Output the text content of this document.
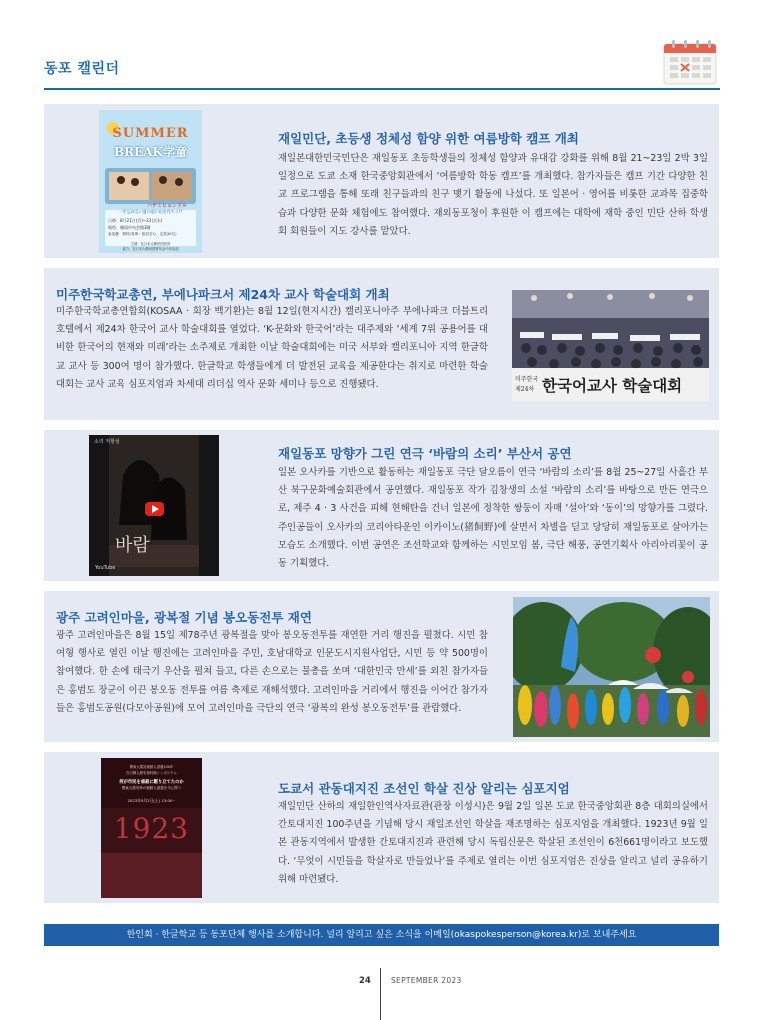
동포 캘린더
SUMMER
BREAK学童
ハナミヒョンドル
一生忘れない夏の思い出を作ろう!!
日時：8月21日(月)~23日(水)
場所：韓国中央会館3階
参加費：無料(食事・宿泊含む、定員30名)
主催：在日本大韓民国民団
協力：在日本大韓民国青年会中央本部
재일민단, 초등생 정체성 함양 위한 여름방학 캠프 개최
재일본대한민국민단은 재일동포 초등학생들의 정체성 함양과 유대감 강화를 위해 8월 21~23일 2박 3일 일정으로 도쿄 소재 한국중앙회관에서 ‘여름방학 학동 캠프’를 개최했다. 참가자들은 캠프 기간 다양한 친교 프로그램을 통해 또래 친구들과의 친구 맺기 활동에 나섰다. 또 일본어 · 영어를 비롯한 교과목 집중학습과 다양한 문화 체험에도 참여했다. 재외동포청이 후원한 이 캠프에는 대학에 재학 중인 민단 산하 학생회 회원들이 지도 강사를 맡았다.
미주한국학교총연, 부에나파크서 제24차 교사 학술대회 개최
미주한국학교총연합회(KOSAA · 회장 백기환)는 8월 12일(현지시간) 캘리포니아주 부에나파크 더블트리 호텔에서 제24차 한국어 교사 학술대회를 열었다. ‘K-문화와 한국어’라는 대주제와 ‘세계 7위 공용어를 대비한 한국어의 현재와 미래’라는 소주제로 개최한 이날 학술대회에는 미국 서부와 캘리포니아 지역 한글학교 교사 등 300여 명이 참가했다. 한글학교 학생들에게 더 발전된 교육을 제공한다는 취지로 마련한 학술대회는 교사 교육 심포지엄과 차세대 리더십 역사 문화 세미나 등으로 진행됐다.	미주한국
제24차 한국어교사 학술대회
소리 저항섬
바람
YouTube
재일동포 망향가 그린 연극 ‘바람의 소리’ 부산서 공연
일본 오사카를 기반으로 활동하는 재일동포 극단 달오름이 연극 ‘바람의 소리’를 8월 25~27일 사흘간 부산 북구문화예술회관에서 공연했다. 재일동포 작가 김창생의 소설 ‘바람의 소리’를 바탕으로 만든 연극으로, 제주 4 · 3 사건을 피해 현해탄을 건너 일본에 정착한 쌍둥이 자매 ‘설아’와 ‘동이’의 망향가를 그렸다. 주인공들이 오사카의 코리아타운인 이카이노(猪飼野)에 살면서 차별을 딛고 당당히 재일동포로 살아가는 모습도 소개했다. 이번 공연은 조선학교와 함께하는 시민모임 봄, 극단 해풍, 공연기획사 아리아리꽃이 공동 기획했다.
광주 고려인마을, 광복절 기념 봉오동전투 재연
광주 고려인마을은 8월 15일 제78주년 광복절을 맞아 봉오동전투를 재연한 거리 행진을 펼쳤다. 시민 참여형 행사로 열린 이날 행진에는 고려인마을 주민, 호남대학교 인문도시지원사업단, 시민 등 약 500명이 참여했다. 한 손에 태극기 우산을 펼쳐 들고, 다른 손으로는 물총을 쏘며 ‘대한민국 만세’를 외친 참가자들은 홍범도 장군이 이끈 봉오동 전투를 여름 축제로 재해석했다. 고려인마을 거리에서 행진을 이어간 참가자들은 홍범도공원(다모아공원)에 모여 고려인마을 극단의 연극 ‘광복의 완성 봉오동전투’를 관람했다.
関東大震災朝鮮人虐殺100年
在日韓人歴史資料館シンポジウム
何が市民を虐殺に駆り立てたのか
関東大震災時の朝鮮人虐殺を今に問う
2023年9月2日(土) 13:00~
1923
도쿄서 관동대지진 조선인 학살 진상 알리는 심포지엄
재일민단 산하의 재일한인역사자료관(관장 이성시)은 9월 2일 일본 도쿄 한국중앙회관 8층 대회의실에서 간토대지진 100주년을 기념해 당시 재일조선인 학살을 재조명하는 심포지엄을 개최했다. 1923년 9월 일본 관동지역에서 발생한 간토대지진과 관련해 당시 독립신문은 학살된 조선인이 6천661명이라고 보도했다. ‘무엇이 시민들을 학살자로 만들었나’를 주제로 열리는 이번 심포지엄은 진상을 알리고 널리 공유하기 위해 마련됐다.
한인회 · 한글학교 등 동포단체 행사를 소개합니다. 널리 알리고 싶은 소식을 이메일(okaspokesperson@korea.kr)로 보내주세요
24	SEPTEMBER 2023
